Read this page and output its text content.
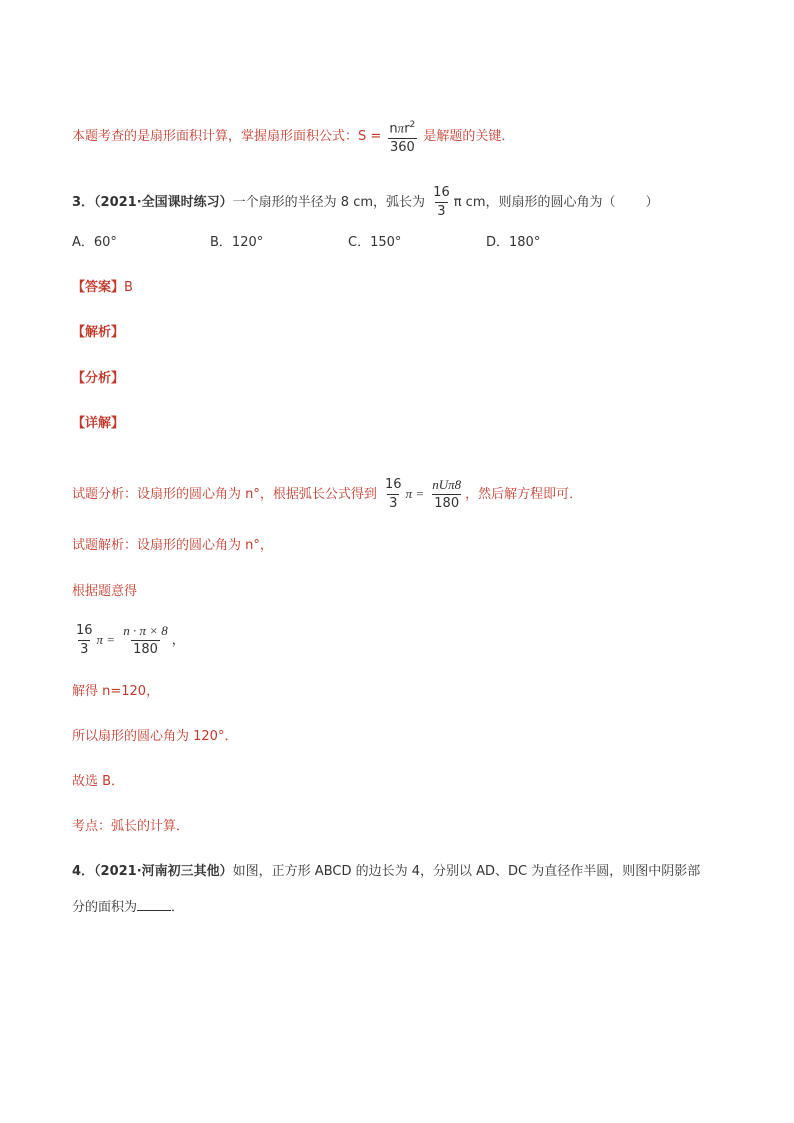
本题考查的是扇形面积计算，掌握扇形面积公式：$S = \frac{n\pi r^2}{360}$ 是解题的关键．
3．（2021·全国课时练习）一个扇形的半径为 8 cm，弧长为 $\frac{16}{3}$ π cm，则扇形的圆心角为（ ）
A．60°	B．120°	C．150°	D．180°
【答案】B
【解析】
【分析】
【详解】
试题分析：设扇形的圆心角为 n°，根据弧长公式得到 $\frac{16}{3}$ $\pi = \frac{\text{nUπ̇8}}{180}$ ，然后解方程即可．
试题解析：设扇形的圆心角为 n°，
根据题意得
$\frac{16}{3}$ $\pi = \frac{n \cdot \pi \times 8}{180}$ ，
解得 n=120，
所以扇形的圆心角为 120°．
故选 B．
考点：弧长的计算．
4．（2021·河南初三其他）如图，正方形 ABCD 的边长为 4，分别以 AD、DC 为直径作半圆，则图中阴影部
分的面积为	．
